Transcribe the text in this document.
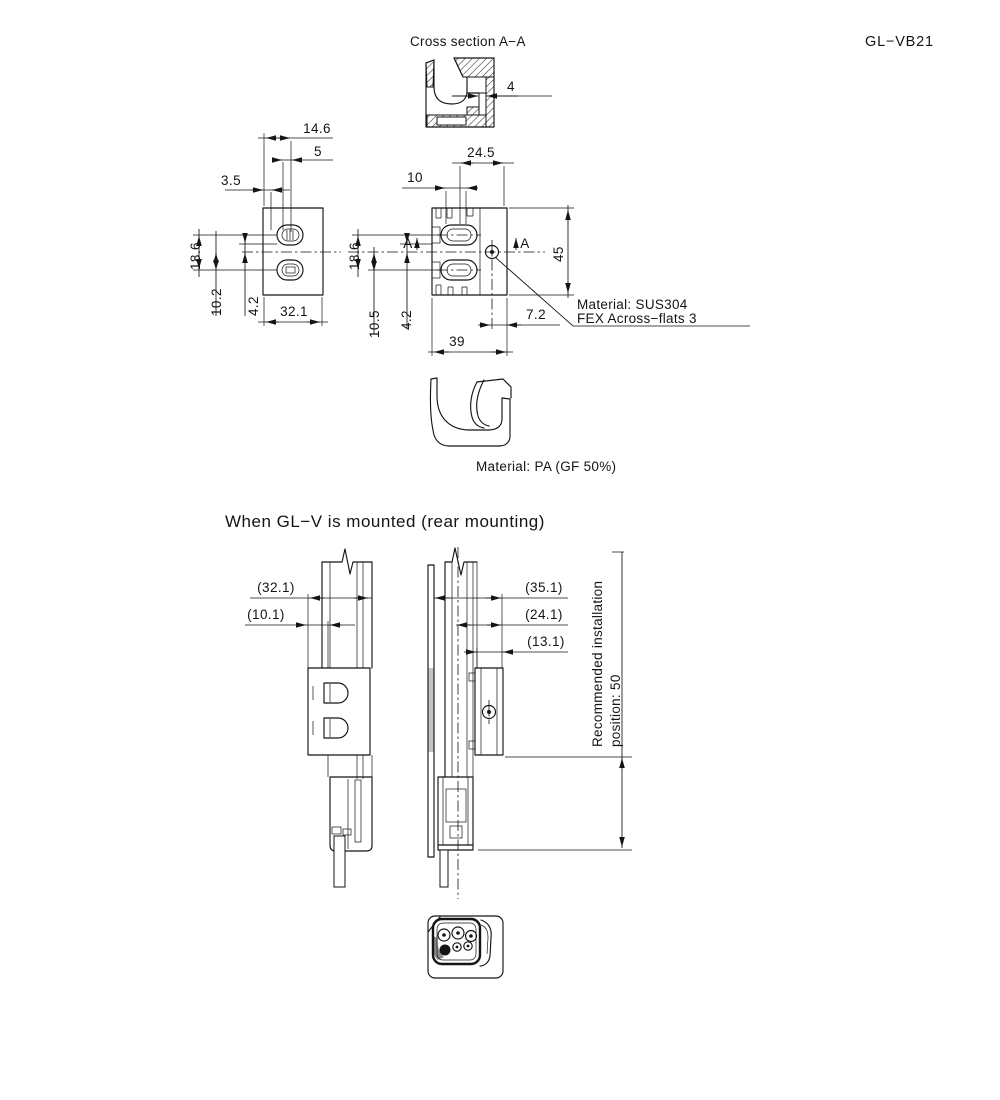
Cross section A−A	GL−VB21
4
14.6
5
3.5
18.6
10.2 4.2 32.1
A	A
24.5
10
45
18.6
10.5 4.2	7.2
39
Material: SUS304
FEX Across−flats 3
Material: PA (GF 50%)
When GL−V is mounted (rear mounting)
(32.1)
(10.1)
(35.1)
(24.1)
(13.1) Recommended installation position: 50
